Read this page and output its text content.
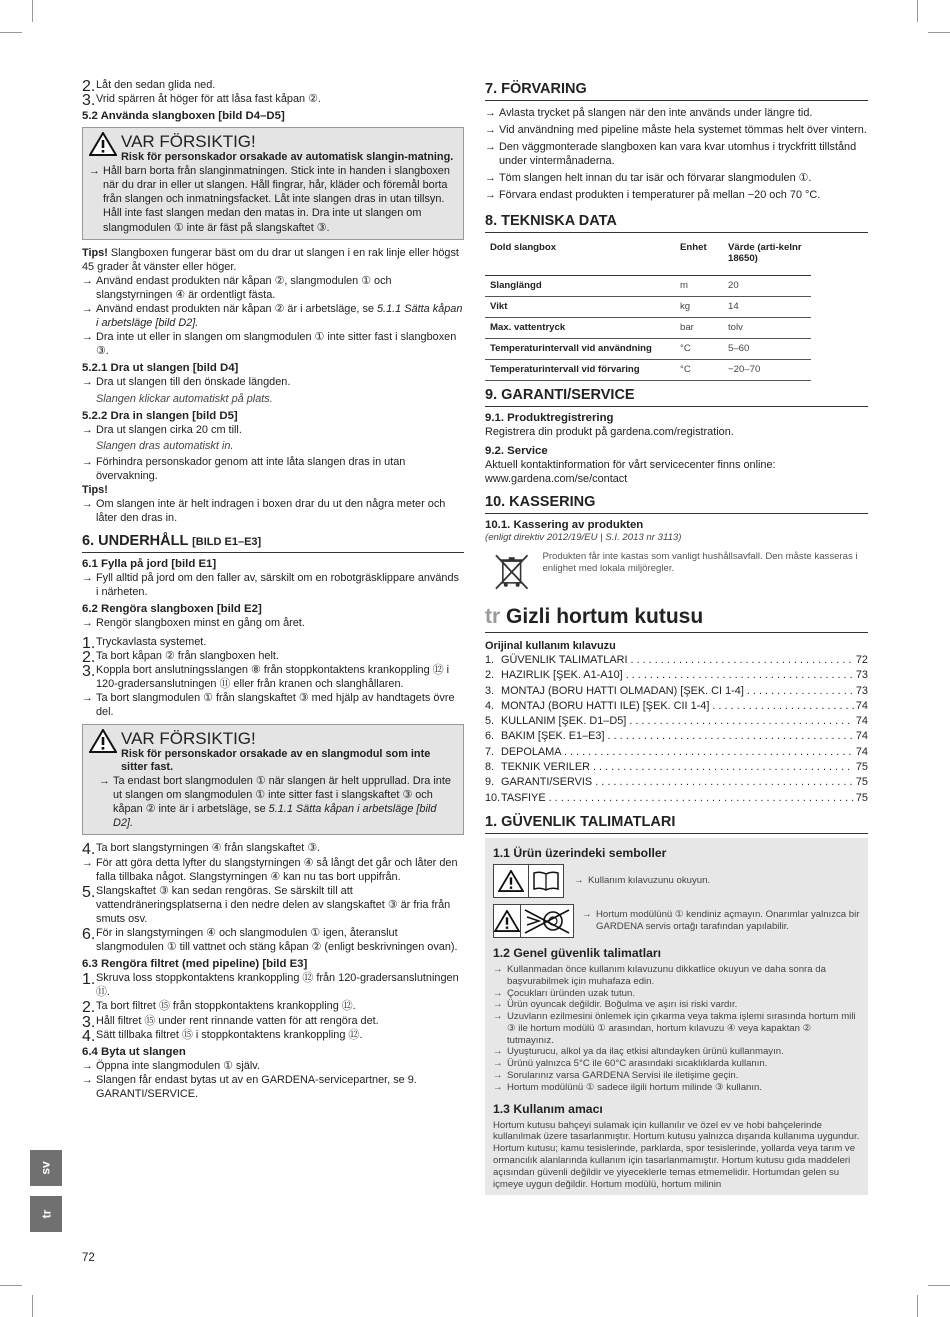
2. Låt den sedan glida ned.

3. Vrid spärren åt höger för att låsa fast kåpan ②.

5.2 Använda slangboxen [bild D4–D5]
VAR FÖRSIKTIG!
Risk för personskador orsakade av automatisk slangin-matning.

→ Håll barn borta från slanginmatningen. Stick inte in handen i slangboxen när du drar in eller ut slangen. Håll fingrar, hår, kläder och föremål borta från slangen och inmatningsfacket. Låt inte slangen dras in utan tillsyn. Håll inte fast slangen medan den matas in. Dra inte ut slangen om slangmodulen ① inte är fäst på slangskaftet ③.

Tips! Slangboxen fungerar bäst om du drar ut slangen i en rak linje eller högst 45 grader åt vänster eller höger.

→ Använd endast produkten när kåpan ②, slangmodulen ① och slangstyrningen ④ är ordentligt fästa.

→ Använd endast produkten när kåpan ② är i arbetsläge, se 5.1.1 Sätta kåpan i arbetsläge [bild D2].

→ Dra inte ut eller in slangen om slangmodulen ① inte sitter fast i slangboxen ③.

5.2.1 Dra ut slangen [bild D4]

→ Dra ut slangen till den önskade längden.

Slangen klickar automatiskt på plats.

5.2.2 Dra in slangen [bild D5]

→ Dra ut slangen cirka 20 cm till.

Slangen dras automatiskt in.

→ Förhindra personskador genom att inte låta slangen dras in utan övervakning.

Tips!

→ Om slangen inte är helt indragen i boxen drar du ut den några meter och låter den dras in.

6. UNDERHÅLL [BILD E1–E3]
6.1 Fylla på jord [bild E1]

→ Fyll alltid på jord om den faller av, särskilt om en robotgräsklippare används i närheten.

6.2 Rengöra slangboxen [bild E2]

→ Rengör slangboxen minst en gång om året.

1. Tryckavlasta systemet.

2. Ta bort kåpan ② från slangboxen helt.

3. Koppla bort anslutningsslangen ⑧ från stoppkontaktens krankoppling ⑫ i 120-gradersanslutningen ⑪ eller från kranen och slanghållaren.

→ Ta bort slangmodulen ① från slangskaftet ③ med hjälp av handtagets övre del.

VAR FÖRSIKTIG!
Risk för personskador orsakade av en slangmodul som inte sitter fast.

→ Ta endast bort slangmodulen ① när slangen är helt upprullad. Dra inte ut slangen om slangmodulen ① inte sitter fast i slangskaftet ③ och kåpan ② inte är i arbetsläge, se 5.1.1 Sätta kåpan i arbetsläge [bild D2].

4. Ta bort slangstyrningen ④ från slangskaftet ③.

→ För att göra detta lyfter du slangstyrningen ④ så långt det går och låter den falla tillbaka något. Slangstyrningen ④ kan nu tas bort uppifrån.

5. Slangskaftet ③ kan sedan rengöras. Se särskilt till att vattendräneringsplatserna i den nedre delen av slangskaftet ③ är fria från smuts osv.

6. För in slangstyrningen ④ och slangmodulen ① igen, återanslut slangmodulen ① till vattnet och stäng kåpan ② (enligt beskrivningen ovan).

6.3 Rengöra filtret (med pipeline) [bild E3]
1. Skruva loss stoppkontaktens krankoppling ⑫ från 120-gradersanslutningen ⑪.

2. Ta bort filtret ⑮ från stoppkontaktens krankoppling ⑫.

3. Håll filtret ⑮ under rent rinnande vatten för att rengöra det.

4. Sätt tillbaka filtret ⑮ i stoppkontaktens krankoppling ⑫.

6.4 Byta ut slangen

→ Öppna inte slangmodulen ① själv.

→ Slangen får endast bytas ut av en GARDENA-servicepartner, se 9. GARANTI/SERVICE.

7. FÖRVARING

→ Avlasta trycket på slangen när den inte används under längre tid.

→ Vid användning med pipeline måste hela systemet tömmas helt över vintern.

→ Den väggmonterade slangboxen kan vara kvar utomhus i tryckfritt tillstånd under vintermånaderna.

→ Töm slangen helt innan du tar isär och förvarar slangmodulen ①.

→ Förvara endast produkten i temperaturer på mellan −20 och 70 °C.

8. TEKNISKA DATA
Dold slangbox	Enhet	Värde (arti-kelnr 18650)
Slanglängd	m	20
Vikt	kg	14
Max. vattentryck	bar	tolv
Temperaturintervall vid användning	°C	5–60
Temperaturintervall vid förvaring	°C	−20–70
9. GARANTI/SERVICE
9.1. Produktregistrering

Registrera din produkt på gardena.com/registration.

9.2. Service

Aktuell kontaktinformation för vårt servicecenter finns online: www.gardena.com/se/contact

10. KASSERING
10.1. Kassering av produkten

(enligt direktiv 2012/19/EU | S.I. 2013 nr 3113)

Produkten får inte kastas som vanligt hushållsavfall. Den måste kasseras i enlighet med lokala miljöregler.
tr Gizli hortum kutusu

Orijinal kullanım kılavuzu

1. GÜVENLIK TALIMATLARI . . .	72
2. HAZIRLIK [ŞEK. A1-A10] . . .	73
3. MONTAJ (BORU HATTI OLMADAN) [ŞEK. CI 1-4] . . .	73
4. MONTAJ (BORU HATTI ILE) [ŞEK. CII 1-4] . . .	74
5. KULLANIM [ŞEK. D1–D5] . . .	74
6. BAKIM [ŞEK. E1–E3] . . .	74
7. DEPOLAMA . . .	74
8. TEKNIK VERILER . . .	75
9. GARANTI/SERVIS . . .	75
10. TASFIYE . . .	75
1. GÜVENLIK TALIMATLARI
1.1 Ürün üzerindeki semboller
→ Kullanım kılavuzunu okuyun.
→ Hortum modülünü ① kendiniz açmayın. Onarımlar yalnızca bir GARDENA servis ortağı tarafından yapılabilir.
1.2 Genel güvenlik talimatları

→ Kullanmadan önce kullanım kılavuzunu dikkatlice okuyun ve daha sonra da başvurabilmek için muhafaza edin.

→ Çocukları üründen uzak tutun.

→ Ürün oyuncak değildir. Boğulma ve aşırı isi riski vardır.

→ Uzuvların ezilmesini önlemek için çıkarma veya takma işlemi sırasında hortum mili ③ ile hortum modülü ① arasından, hortum kılavuzu ④ veya kapaktan ② tutmayınız.

→ Uyuşturucu, alkol ya da ilaç etkisi altındayken ürünü kullanmayın.

→ Ürünü yalnızca 5°C ile 60°C arasındaki sıcaklıklarda kullanın.

→ Sorularınız varsa GARDENA Servisi ile iletişime geçin.

→ Hortum modülünü ① sadece ilgili hortum milinde ③ kullanın.

1.3 Kullanım amacı

Hortum kutusu bahçeyi sulamak için kullanılır ve özel ev ve hobi bahçelerinde kullanılmak üzere tasarlanmıştır. Hortum kutusu yalnızca dışarıda kullanıma uygundur. Hortum kutusu; kamu tesislerinde, parklarda, spor tesislerinde, yollarda veya tarım ve ormancılık alanlarında kullanım için tasarlanmamıştır. Hortum kutusu gıda maddeleri açısından güvenli değildir ve yiyeceklerle temas etmemelidir. Hortumdan gelen su içmeye uygun değildir. Hortum modülü, hortum milinin

sv
tr
72
